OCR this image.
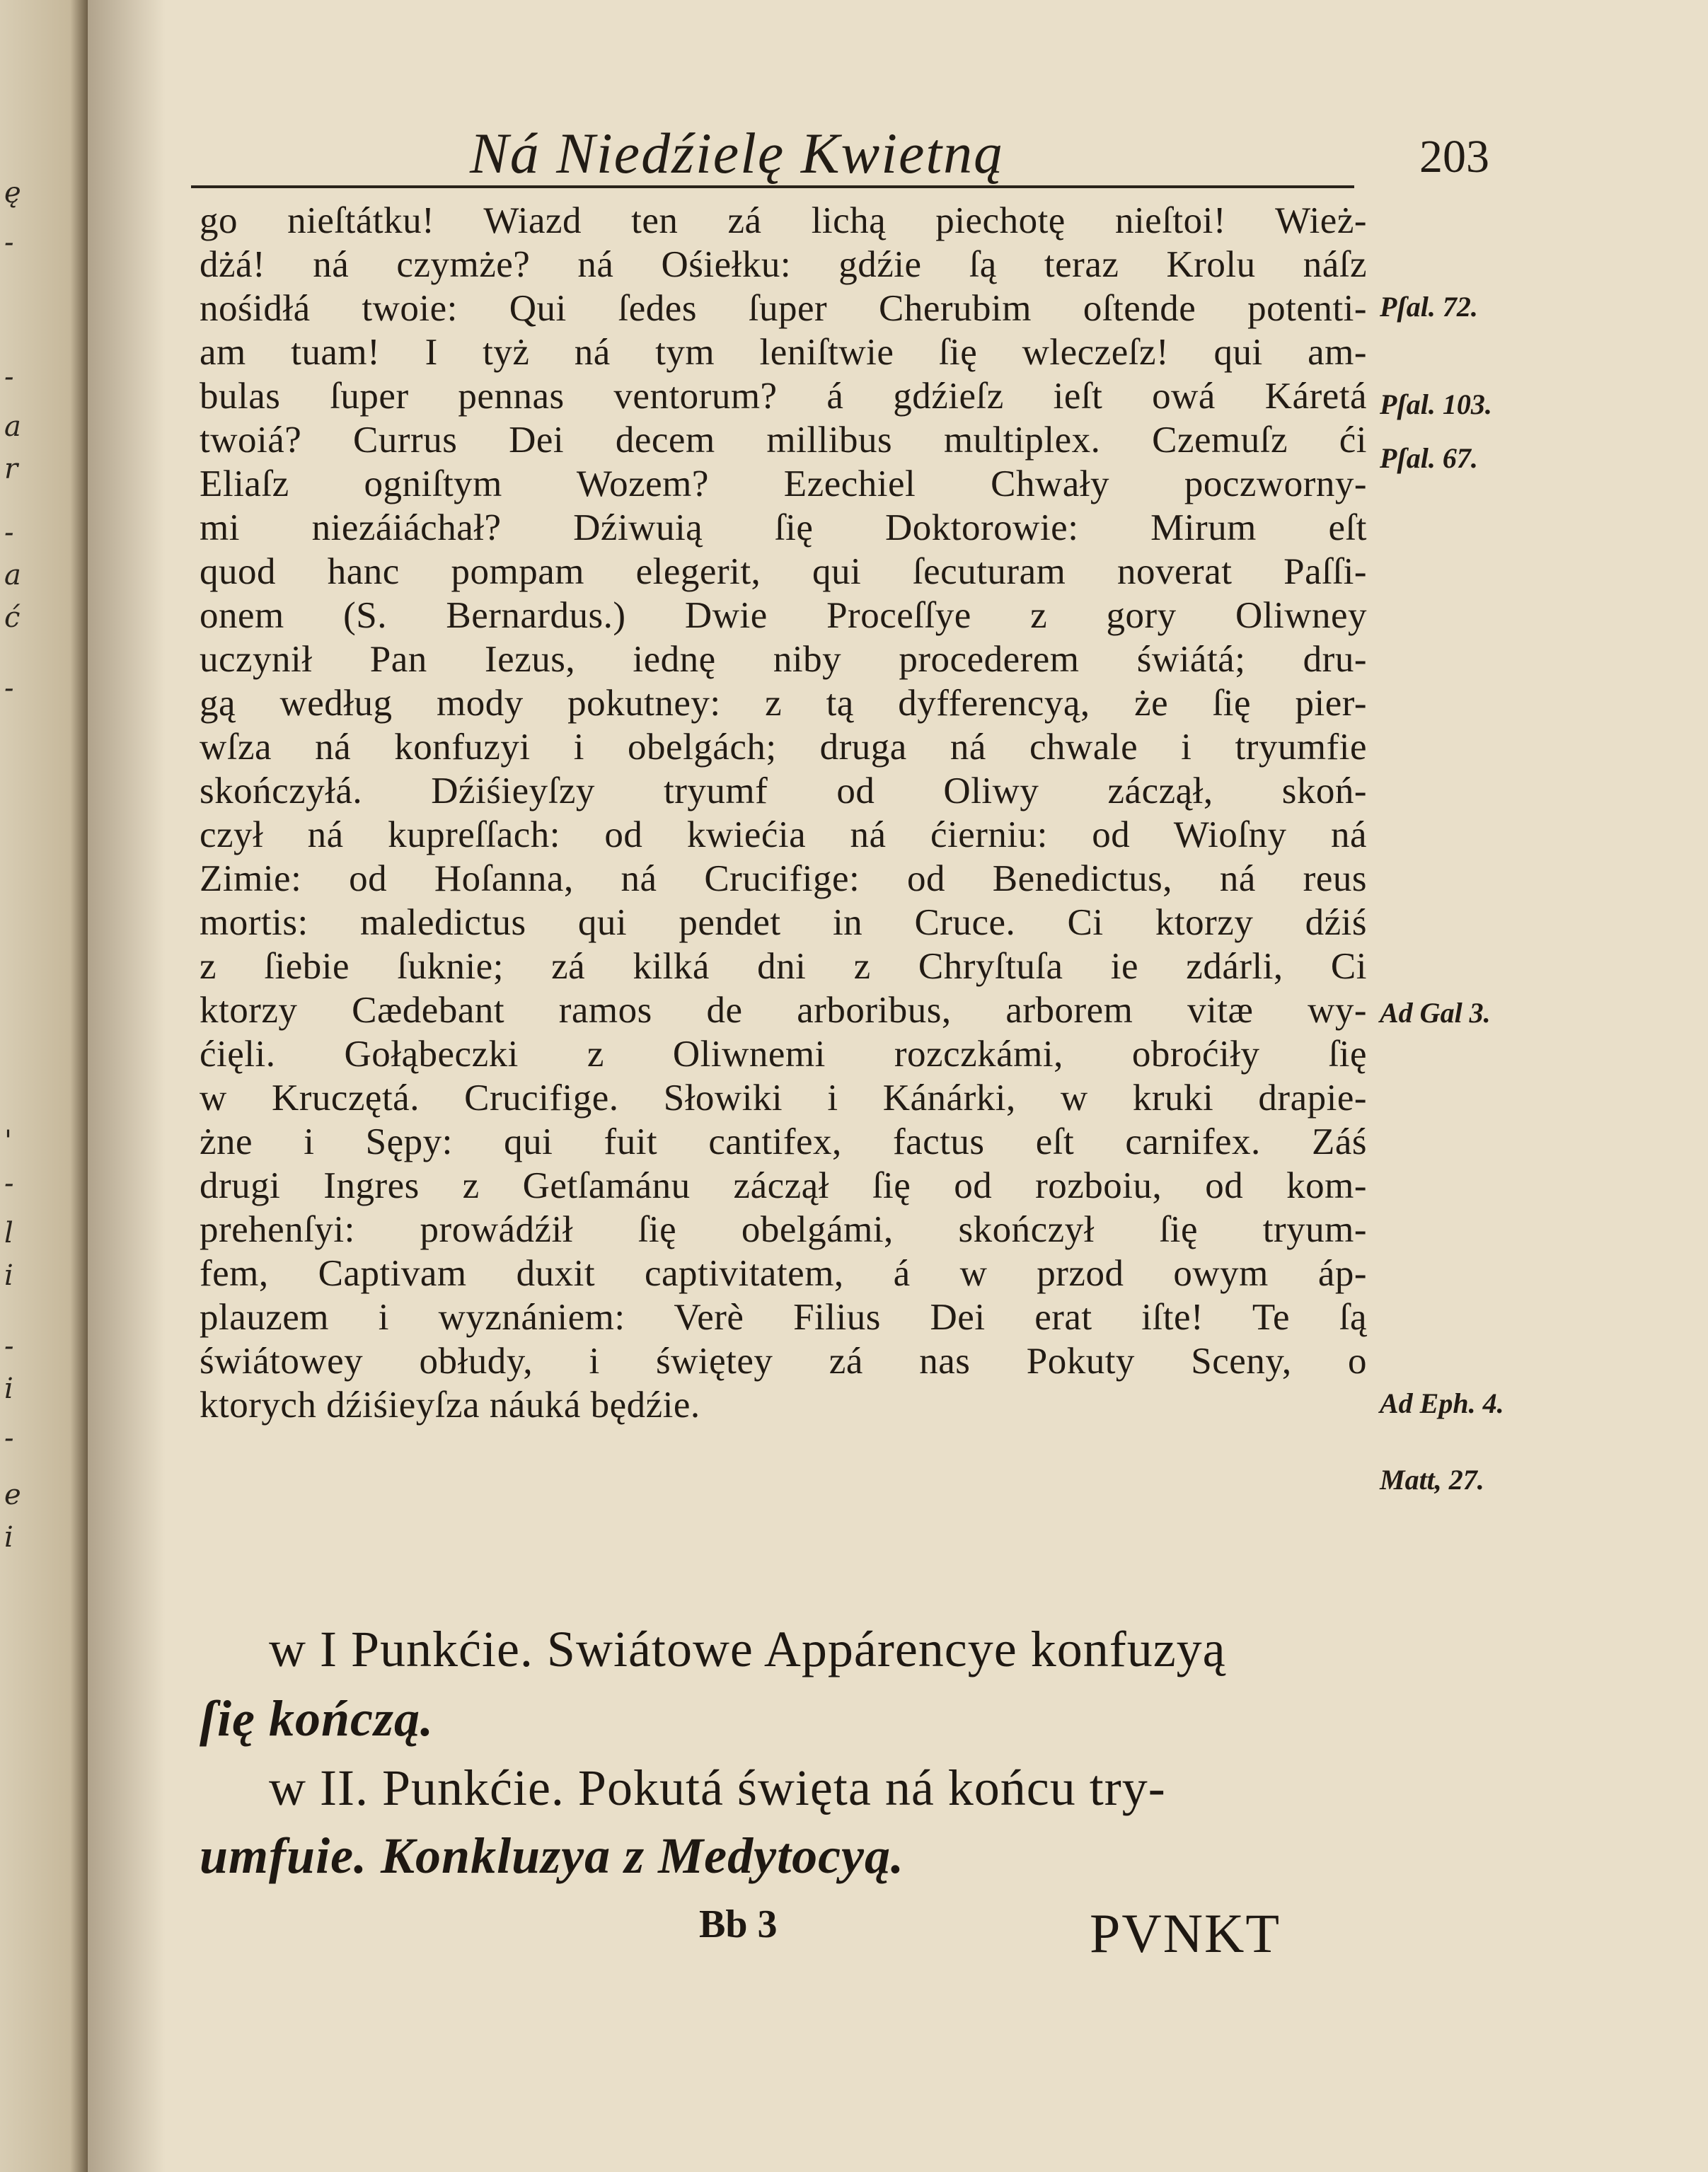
ę
-
-
a
r
-
a
ć
-
'
-
l
i
-
i
-
e
i
Ná Niedźielę Kwietną	203
go nieſtátku! Wiazd ten zá lichą piechotę nieſtoi! Wież-
dżá! ná czymże? ná Ośiełku: gdźie ſą teraz Krolu náſz
nośidłá twoie: Qui ſedes ſuper Cherubim oſtende potenti-
am tuam! I tyż ná tym leniſtwie ſię wleczeſz! qui am-
bulas ſuper pennas ventorum? á gdźieſz ieſt owá Káretá
twoiá? Currus Dei decem millibus multiplex. Czemuſz ći
Eliaſz ogniſtym Wozem? Ezechiel Chwały poczworny-
mi niezáiáchał? Dźiwuią ſię Doktorowie: Mirum eſt
quod hanc pompam elegerit, qui ſecuturam noverat Paſſi-
onem (S. Bernardus.) Dwie Proceſſye z gory Oliwney
uczynił Pan Iezus, iednę niby procederem świátá; dru-
gą według mody pokutney: z tą dyfferencyą, że ſię pier-
wſza ná konfuzyi i obelgách; druga ná chwale i tryumfie
skończyłá. Dźiśieyſzy tryumf od Oliwy záczął, skoń-
czył ná kupreſſach: od kwiećia ná ćierniu: od Wioſny ná
Zimie: od Hoſanna, ná Crucifige: od Benedictus, ná reus
mortis: maledictus qui pendet in Cruce. Ci ktorzy dźiś
z ſiebie ſuknie; zá kilká dni z Chryſtuſa ie zdárli, Ci
ktorzy Cædebant ramos de arboribus, arborem vitæ wy-
ćięli. Gołąbeczki z Oliwnemi rozczkámi, obroćiły ſię
w Kruczętá. Crucifige. Słowiki i Kánárki, w kruki drapie-
żne i Sępy: qui fuit cantifex, factus eſt carnifex. Záś
drugi Ingres z Getſamánu záczął ſię od rozboiu, od kom-
prehenſyi: prowádźił ſię obelgámi, skończył ſię tryum-
fem, Captivam duxit captivitatem, á w przod owym áp-
plauzem i wyznániem: Verè Filius Dei erat iſte! Te ſą
świátowey obłudy, i świętey zá nas Pokuty Sceny, o
ktorych dźiśieyſza náuká będźie.
w I Punkćie. Swiátowe Appárencye konfuzyą
ſię kończą.
w II. Punkćie. Pokutá święta ná końcu try-
umfuie. Konkluzya z Medytocyą.
Pſal. 72.
Pſal. 103.
Pſal. 67.
Ad Gal 3.
Ad Eph. 4.
Matt, 27.
Bb 3	PVNKT
